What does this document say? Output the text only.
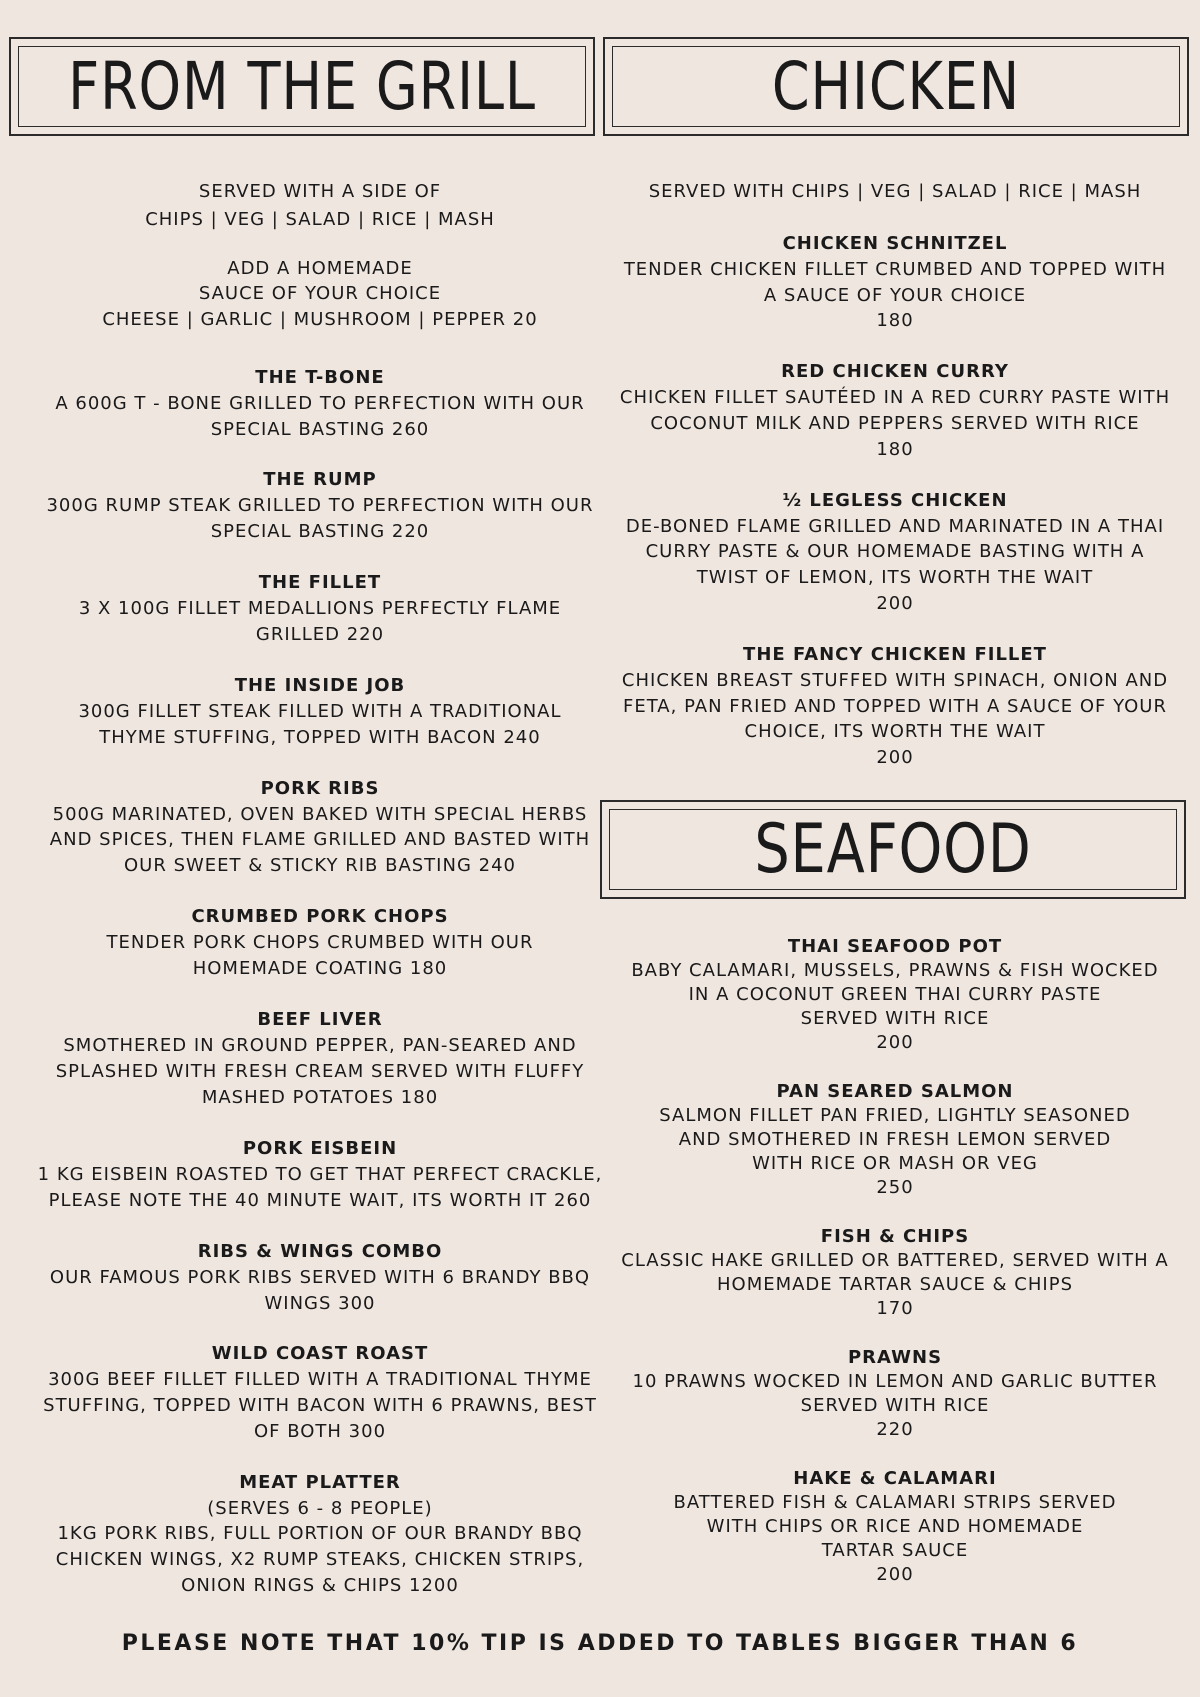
FROM THE GRILL	CHICKEN
SEAFOOD
SERVED WITH A SIDE OF
CHIPS | VEG | SALAD | RICE | MASH
ADD A HOMEMADE
SAUCE OF YOUR CHOICE
CHEESE | GARLIC | MUSHROOM | PEPPER 20
THE T-BONE
A 600G T - BONE GRILLED TO PERFECTION WITH OUR
SPECIAL BASTING 260
THE RUMP
300G RUMP STEAK GRILLED TO PERFECTION WITH OUR
SPECIAL BASTING 220
THE FILLET
3 X 100G FILLET MEDALLIONS PERFECTLY FLAME
GRILLED 220
THE INSIDE JOB
300G FILLET STEAK FILLED WITH A TRADITIONAL
THYME STUFFING, TOPPED WITH BACON 240
PORK RIBS
500G MARINATED, OVEN BAKED WITH SPECIAL HERBS
AND SPICES, THEN FLAME GRILLED AND BASTED WITH
OUR SWEET & STICKY RIB BASTING 240
CRUMBED PORK CHOPS
TENDER PORK CHOPS CRUMBED WITH OUR
HOMEMADE COATING 180
BEEF LIVER
SMOTHERED IN GROUND PEPPER, PAN-SEARED AND
SPLASHED WITH FRESH CREAM SERVED WITH FLUFFY
MASHED POTATOES 180
PORK EISBEIN
1 KG EISBEIN ROASTED TO GET THAT PERFECT CRACKLE,
PLEASE NOTE THE 40 MINUTE WAIT, ITS WORTH IT 260
RIBS & WINGS COMBO
OUR FAMOUS PORK RIBS SERVED WITH 6 BRANDY BBQ
WINGS 300
WILD COAST ROAST
300G BEEF FILLET FILLED WITH A TRADITIONAL THYME
STUFFING, TOPPED WITH BACON WITH 6 PRAWNS, BEST
OF BOTH 300
MEAT PLATTER
(SERVES 6 - 8 PEOPLE)
1KG PORK RIBS, FULL PORTION OF OUR BRANDY BBQ
CHICKEN WINGS, X2 RUMP STEAKS, CHICKEN STRIPS,
ONION RINGS & CHIPS 1200
SERVED WITH CHIPS | VEG | SALAD | RICE | MASH
CHICKEN SCHNITZEL
TENDER CHICKEN FILLET CRUMBED AND TOPPED WITH
A SAUCE OF YOUR CHOICE
180
RED CHICKEN CURRY
CHICKEN FILLET SAUTÉED IN A RED CURRY PASTE WITH
COCONUT MILK AND PEPPERS SERVED WITH RICE
180
½ LEGLESS CHICKEN
DE-BONED FLAME GRILLED AND MARINATED IN A THAI
CURRY PASTE & OUR HOMEMADE BASTING WITH A
TWIST OF LEMON, ITS WORTH THE WAIT
200
THE FANCY CHICKEN FILLET
CHICKEN BREAST STUFFED WITH SPINACH, ONION AND
FETA, PAN FRIED AND TOPPED WITH A SAUCE OF YOUR
CHOICE, ITS WORTH THE WAIT
200
THAI SEAFOOD POT
BABY CALAMARI, MUSSELS, PRAWNS & FISH WOCKED
IN A COCONUT GREEN THAI CURRY PASTE
SERVED WITH RICE
200
PAN SEARED SALMON
SALMON FILLET PAN FRIED, LIGHTLY SEASONED
AND SMOTHERED IN FRESH LEMON SERVED
WITH RICE OR MASH OR VEG
250
FISH & CHIPS
CLASSIC HAKE GRILLED OR BATTERED, SERVED WITH A
HOMEMADE TARTAR SAUCE & CHIPS
170
PRAWNS
10 PRAWNS WOCKED IN LEMON AND GARLIC BUTTER
SERVED WITH RICE
220
HAKE & CALAMARI
BATTERED FISH & CALAMARI STRIPS SERVED
WITH CHIPS OR RICE AND HOMEMADE
TARTAR SAUCE
200
PLEASE NOTE THAT 10% TIP IS ADDED TO TABLES BIGGER THAN 6
